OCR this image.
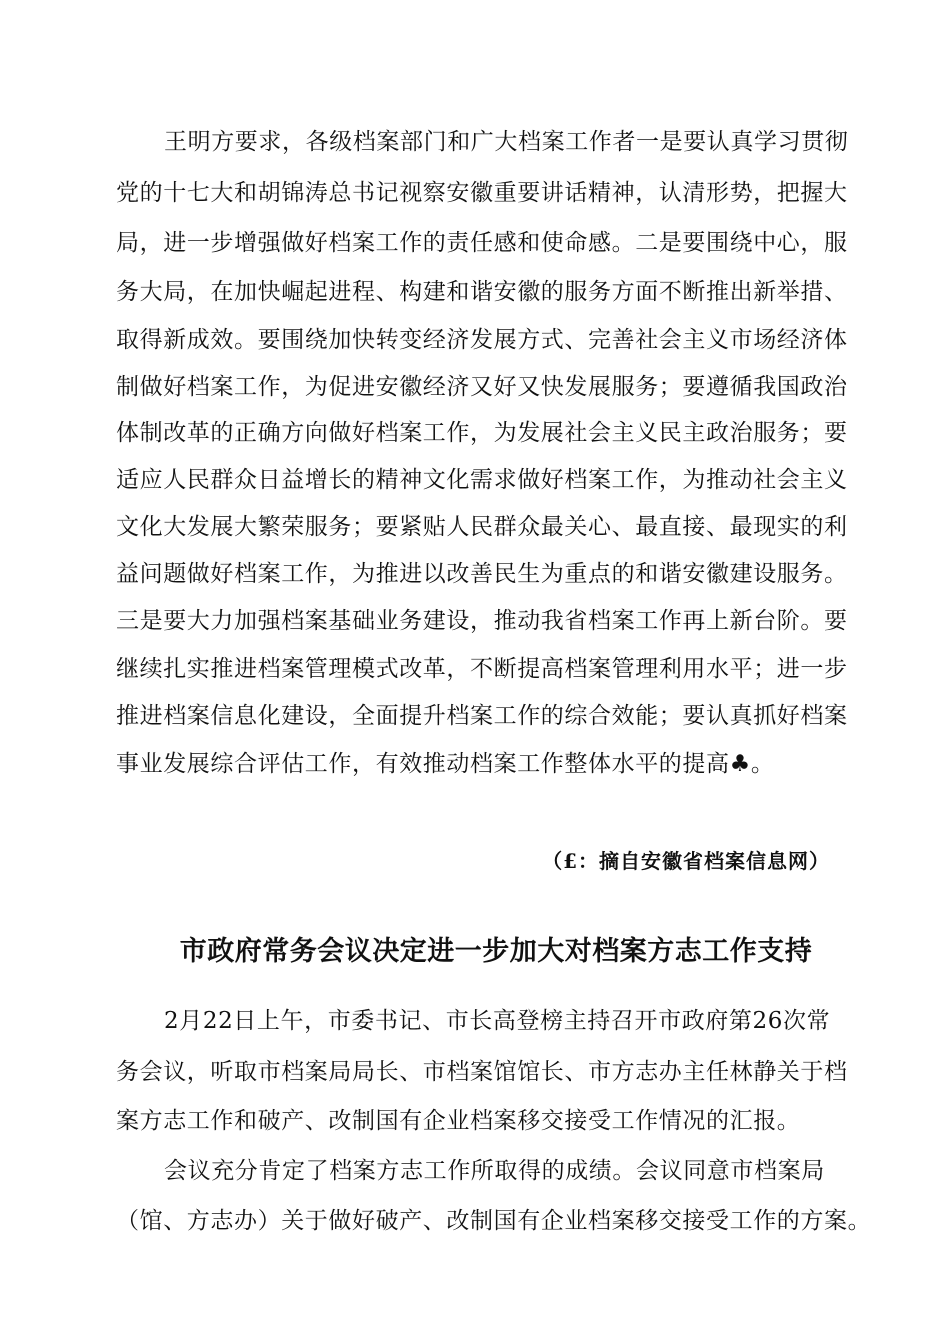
王明方要求，各级档案部门和广大档案工作者一是要认真学习贯彻
党的十七大和胡锦涛总书记视察安徽重要讲话精神，认清形势，把握大
局，进一步增强做好档案工作的责任感和使命感。二是要围绕中心，服
务大局，在加快崛起进程、构建和谐安徽的服务方面不断推出新举措、
取得新成效。要围绕加快转变经济发展方式、完善社会主义市场经济体
制做好档案工作，为促进安徽经济又好又快发展服务；要遵循我国政治
体制改革的正确方向做好档案工作，为发展社会主义民主政治服务；要
适应人民群众日益增长的精神文化需求做好档案工作，为推动社会主义
文化大发展大繁荣服务；要紧贴人民群众最关心、最直接、最现实的利
益问题做好档案工作，为推进以改善民生为重点的和谐安徽建设服务。
三是要大力加强档案基础业务建设，推动我省档案工作再上新台阶。要
继续扎实推进档案管理模式改革，不断提高档案管理利用水平；进一步
推进档案信息化建设，全面提升档案工作的综合效能；要认真抓好档案
事业发展综合评估工作，有效推动档案工作整体水平的提高♣。
（£：摘自安徽省档案信息网）
市政府常务会议决定进一步加大对档案方志工作支持
2月22日上午，市委书记、市长高登榜主持召开市政府第26次常
务会议，听取市档案局局长、市档案馆馆长、市方志办主任林静关于档
案方志工作和破产、改制国有企业档案移交接受工作情况的汇报。
会议充分肯定了档案方志工作所取得的成绩。会议同意市档案局
（馆、方志办）关于做好破产、改制国有企业档案移交接受工作的方案。
